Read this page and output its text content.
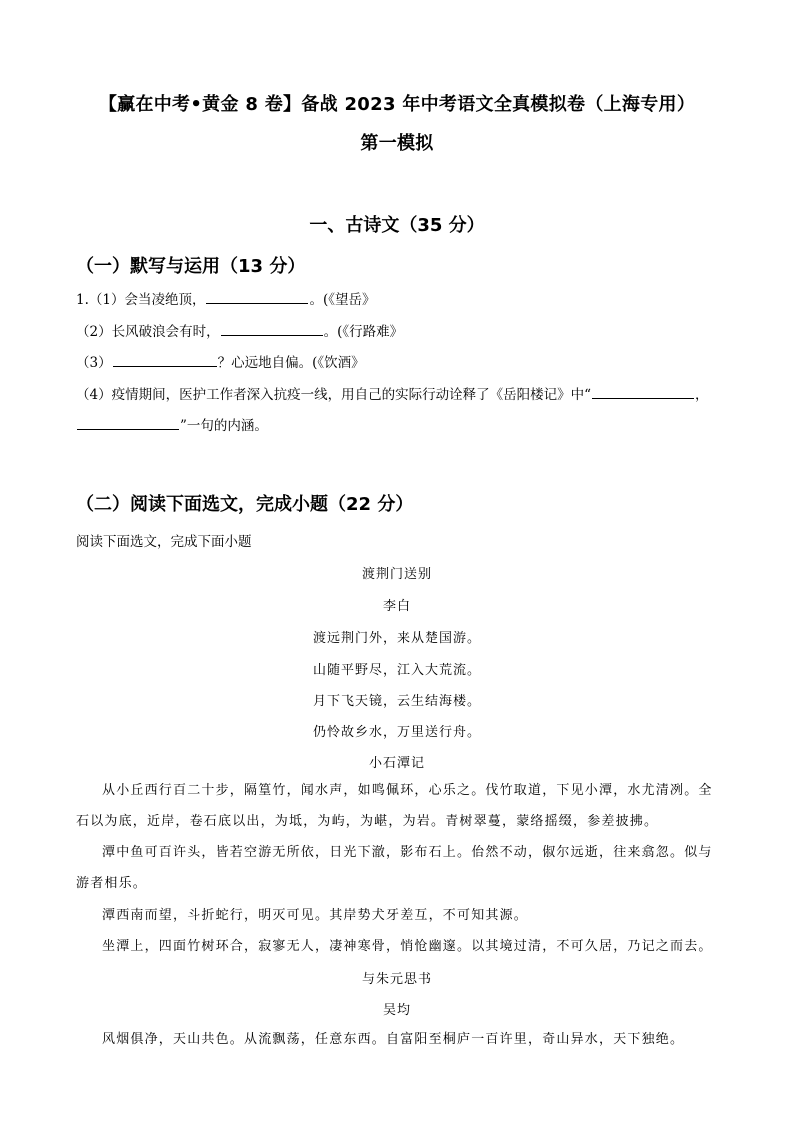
【赢在中考•黄金 8 卷】备战 2023 年中考语文全真模拟卷（上海专用）
第一模拟
一、古诗文（35 分）
（一）默写与运用（13 分）
1.（1）会当凌绝顶，	。(《望岳》
（2）长风破浪会有时，	。(《行路难》
（3）	？心远地自偏。(《饮酒》
（4）疫情期间，医护工作者深入抗疫一线，用自己的实际行动诠释了《岳阳楼记》中“	，
”一句的内涵。
（二）阅读下面选文，完成小题（22 分）
阅读下面选文，完成下面小题
渡荆门送别
李白
渡远荆门外，来从楚国游。
山随平野尽，江入大荒流。
月下飞天镜，云生结海楼。
仍怜故乡水，万里送行舟。
小石潭记
从小丘西行百二十步，隔篁竹，闻水声，如鸣佩环，心乐之。伐竹取道，下见小潭，水尤清冽。全石以为底，近岸，卷石底以出，为坻，为屿，为嵁，为岩。青树翠蔓，蒙络摇缀，参差披拂。
潭中鱼可百许头，皆若空游无所依，日光下澈，影布石上。佁然不动，俶尔远逝，往来翕忽。似与游者相乐。
潭西南而望，斗折蛇行，明灭可见。其岸势犬牙差互，不可知其源。
坐潭上，四面竹树环合，寂寥无人，凄神寒骨，悄怆幽邃。以其境过清，不可久居，乃记之而去。
与朱元思书
吴均
风烟俱净，天山共色。从流飘荡，任意东西。自富阳至桐庐一百许里，奇山异水，天下独绝。
